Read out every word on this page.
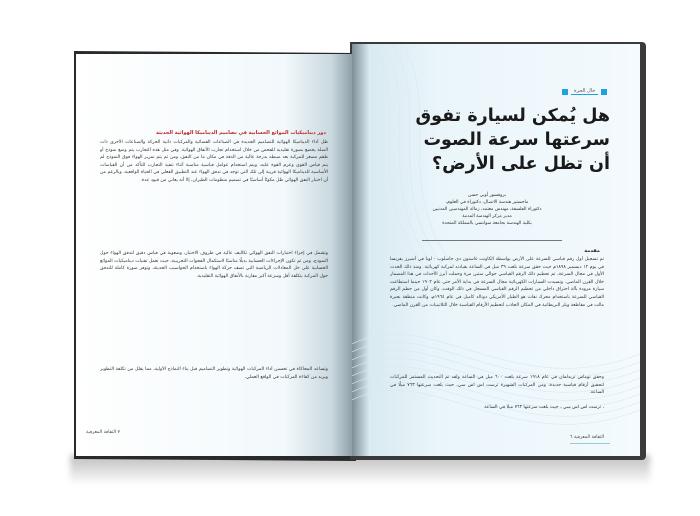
دور ديناميكيات الموائع الحسابية في تصاميم الديناميكا الهوائية الحديثة
ظل أداء الديناميكا الهوائية للتصاميم الجديدة في الصناعات الفضائية والمركبات ذاتية الحركة والصناعات الأخرى ذات الصلة يخضع بصورة تقليدية للفحص من خلال استخدام تجارب الأنفاق الهوائية. وفي مثل هذه التجارب يتم وضع نموذج أو طقم مصغر للمركبة بعد ضبطه بدرجة عالية من الدقة في مكان ما من النفق، ومن ثم يتم تمرير الهواء فوق النموذج لم يتم قياس القوى وعزم القوة عليه، ويتم استخدام عوامل قياسية مناسبة أثناء تنفيذ التجارب للتأكد من أن القياسات الأساسية للديناميكا الهوائية قريبة إلى تلك التي توجد في تدفق الهواء عند التطبيق الفعلي في الحياة الواقعية، وبالرغم من أن اختبار النفق الهوائي ظل مكونًا أساسيًا في تصميم منظومات الطيران، إلا أنه يعاني من قيود عدة.
وتشمل في إجراء اختبارات النفق الهوائي تكاليف عالية في ظروف الاختبار، وصعوبة في قياس دقيق لتدفق الهواء حول النموذج، ومن ثم تكون الإجراءات الحسابية بديلًا مناسبًا لاستكمال الفجوات التجريبية، حيث تعمل تقنيات ديناميكيات الموائع الحسابية على حل المعادلات الرياضية التي تصف حركة الهواء باستخدام الحواسيب الحديثة، وتوفر صورة كاملة للتدفق حول المركبة بتكلفة أقل وسرعة أكبر مقارنة بالأنفاق الهوائية التقليدية.
وتساعد المحاكاة في تحسين أداء المركبات الهوائية وتطوير التصاميم قبل بناء النماذج الأولية، مما يقلل من تكلفة التطوير ويزيد من كفاءة المركبات في الواقع العملي.
٧ الثقافة المعرفية
خال الحرة
هل يُمكن لسيارة تفوق
سرعتها سرعة الصوت
أن تظل على الأرض؟
بروفسور أوبي حسن
ماجستير هندسة الاتصال، دكتوراة في العلوم،
دكتوراة الفلسفة، مهندس معتمد، زمالة المهندسين المدنيين
مدير مركز الهندسة المدنية
بكلية الهندسة بجامعة سوانسي بالمملكة المتحدة
مقدمة
تم تسجيل أول رقم قياسي للسرعة على الأرض بواسطة الكاونت غاستون دي جاسلوب - لوبا في أشيرز بفرنسا في يوم ١٢ ديسمبر ١٨٩٨م حيث حقق سرعة بلغت ٣٩ ميل في الساعة بقيادته لمركبة كهربائية. ومنذ ذلك الحدث الأول في مجال السرعة، تم تحطيم ذلك الرقم القياسي حوالي ستين مرة وحملت أبرز الأحداث في هذا المضمار خلال القرن الماضي. وتسيدت السيارات الكهربائية مجال السرعة في بداية الأمر حتى عام ١٩٠٢ حينما استطاعت سيارة مزودة بآلة احتراق داخلي من تحطيم الرقم القياسي المسجل في ذلك الوقت، وكان أول من حطم الرقم القياسي للسرعة باستخدام محرك نفاث هو الطيار الأمريكي دونالد كامبل في عام ١٩٦٤م، وكانت منطقة بحيرة مالت في مقاطعة ويلز البريطانية في المكان الجاذب لتحطيم الأرقام القياسية خلال الثلاثينيات من القرن الماضي.
وحقق توماس تريدلمان في عام ١٩١٨ سرعة بلغت ٦٠٠ ميل في الساعة ولقد تم التحديث المستمر للمركبات لتحقيق أرقام قياسية جديدة، ومن المركبات الشهيرة ثرست اس اس سي، حيث بلغت سرعتها ٧٦٣ ميلًا في الساعة.
، ثرست اس اس سي ، حيث بلغت سرعتها ٧٦٣ ميلًا في الساعة
الثقافة المعرفية ٦
